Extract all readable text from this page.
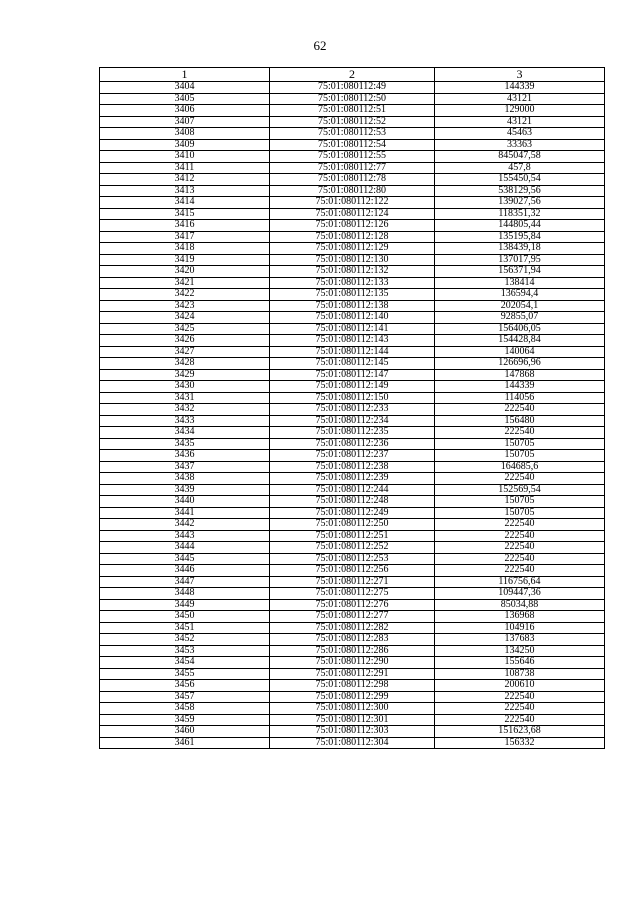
62
1	2	3
3404	75:01:080112:49	144339
3405	75:01:080112:50	43121
3406	75:01:080112:51	129000
3407	75:01:080112:52	43121
3408	75:01:080112:53	45463
3409	75:01:080112:54	33363
3410	75:01:080112:55	845047,58
3411	75:01:080112:77	457,8
3412	75:01:080112:78	155450,54
3413	75:01:080112:80	538129,56
3414	75:01:080112:122	139027,56
3415	75:01:080112:124	118351,32
3416	75:01:080112:126	144805,44
3417	75:01:080112:128	135195,84
3418	75:01:080112:129	138439,18
3419	75:01:080112:130	137017,95
3420	75:01:080112:132	156371,94
3421	75:01:080112:133	138414
3422	75:01:080112:135	136594,4
3423	75:01:080112:138	202054,1
3424	75:01:080112:140	92855,07
3425	75:01:080112:141	156406,05
3426	75:01:080112:143	154428,84
3427	75:01:080112:144	140064
3428	75:01:080112:145	126696,96
3429	75:01:080112:147	147868
3430	75:01:080112:149	144339
3431	75:01:080112:150	114056
3432	75:01:080112:233	222540
3433	75:01:080112:234	156480
3434	75:01:080112:235	222540
3435	75:01:080112:236	150705
3436	75:01:080112:237	150705
3437	75:01:080112:238	164685,6
3438	75:01:080112:239	222540
3439	75:01:080112:244	152569,54
3440	75:01:080112:248	150705
3441	75:01:080112:249	150705
3442	75:01:080112:250	222540
3443	75:01:080112:251	222540
3444	75:01:080112:252	222540
3445	75:01:080112:253	222540
3446	75:01:080112:256	222540
3447	75:01:080112:271	116756,64
3448	75:01:080112:275	109447,36
3449	75:01:080112:276	85034,88
3450	75:01:080112:277	136968
3451	75:01:080112:282	104916
3452	75:01:080112:283	137683
3453	75:01:080112:286	134250
3454	75:01:080112:290	155646
3455	75:01:080112:291	108738
3456	75:01:080112:298	200610
3457	75:01:080112:299	222540
3458	75:01:080112:300	222540
3459	75:01:080112:301	222540
3460	75:01:080112:303	151623,68
3461	75:01:080112:304	156332
